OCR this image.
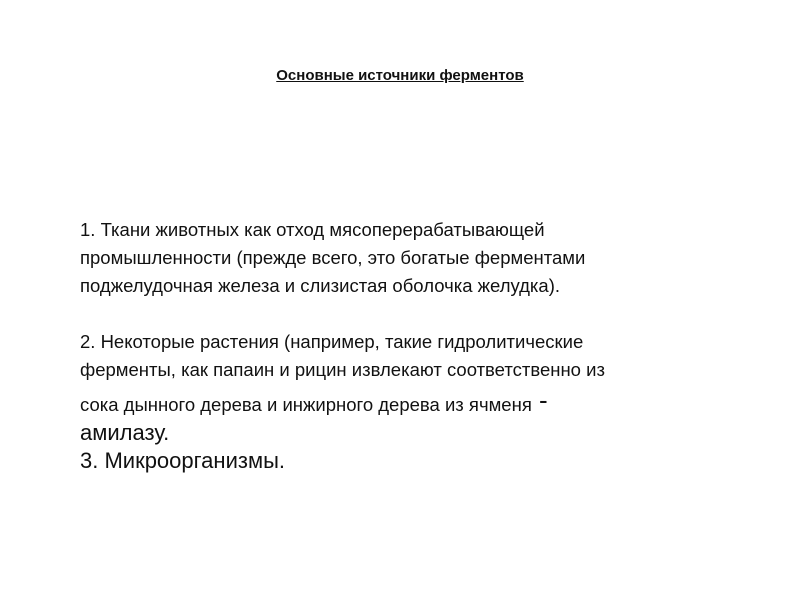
Основные источники ферментов

1. Ткани животных как отход мясоперерабатывающей
промышленности (прежде всего, это богатые ферментами
поджелудочная железа и слизистая оболочка желудка).

2. Некоторые растения (например, такие гидролитические
ферменты, как папаин и рицин извлекают соответственно из
сока дынного дерева и инжирного дерева из ячменя -
амилазу.

3. Микроорганизмы.
